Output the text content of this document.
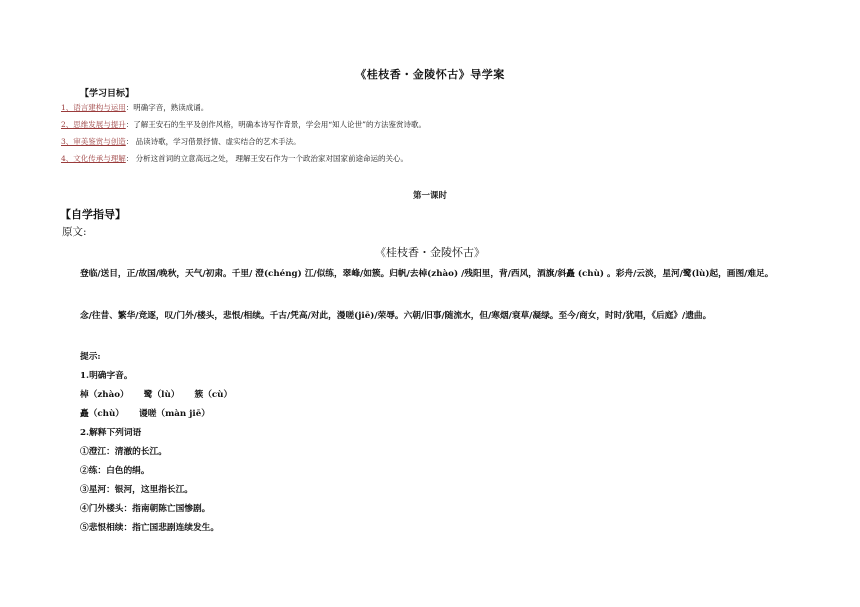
《桂枝香・金陵怀古》导学案
【学习目标】
1、语言建构与运用：明确字音，熟读成诵。
2、思维发展与提升：了解王安石的生平及创作风格，明确本诗写作背景，学会用“知人论世”的方法鉴赏诗歌。
3、审美鉴赏与创造： 品读诗歌，学习借景抒情、虚实结合的艺术手法。
4、文化传承与理解： 分析这首词的立意高远之处， 理解王安石作为一个政治家对国家前途命运的关心。
第一课时
【自学指导】
原文:
《桂枝香・金陵怀古》
登临/送目，正/故国/晚秋，天气/初肃。千里/ 澄(chéng) 江/似练，翠峰/如簇。归帆/去棹(zhào) /残阳里，背/西风，酒旗/斜矗 (chù) 。彩舟/云淡，星河/鹭(lù)起，画图/难足。
念/往昔、繁华/竞逐，叹/门外/楼头，悲恨/相续。千古/凭高/对此，漫嗟(jiē)/荣辱。六朝/旧事/随流水，但/寒烟/衰草/凝绿。至今/商女，时时/犹唱，《后庭》/遗曲。
提示:
1.明确字音。
棹（zhào） 鹭（lù） 簇（cù）
矗（chù） 谩嗟（màn jiē）
2.解释下列词语
①澄江：清澈的长江。
②练：白色的绢。
③星河：银河，这里指长江。
④门外楼头：指南朝陈亡国惨剧。
⑤悲恨相续：指亡国悲剧连续发生。
